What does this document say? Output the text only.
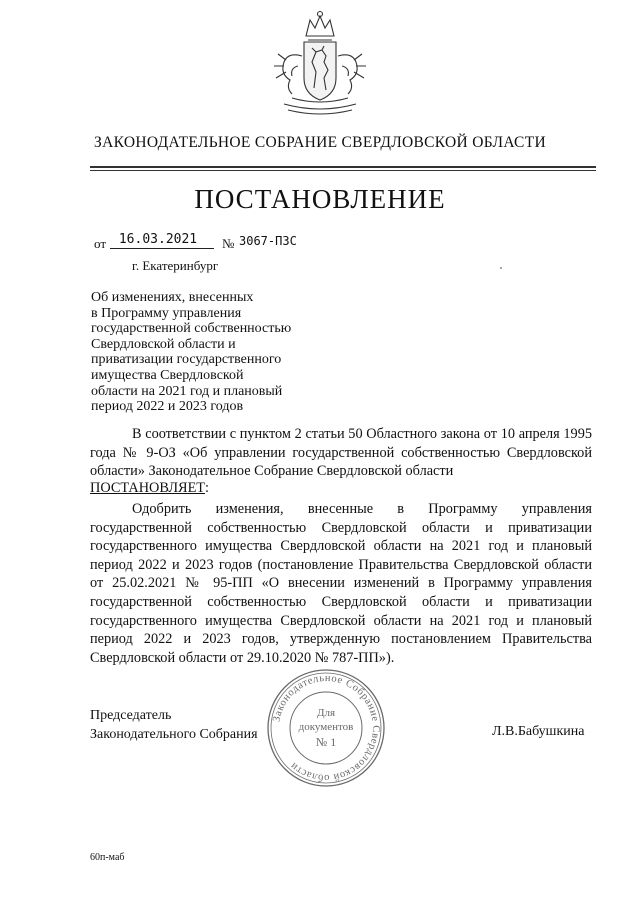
ЗАКОНОДАТЕЛЬНОЕ СОБРАНИЕ СВЕРДЛОВСКОЙ ОБЛАСТИ
ПОСТАНОВЛЕНИЕ
от 16.03.2021	№ 3067-ПЗС
г. Екатеринбург
Об изменениях, внесенных
в Программу управления
государственной собственностью
Свердловской области и
приватизации государственного
имущества Свердловской
области на 2021 год и плановый
период 2022 и 2023 годов
В соответствии с пунктом 2 статьи 50 Областного закона от 10 апреля 1995 года № 9-ОЗ «Об управлении государственной собственностью Свердловской области» Законодательное Собрание Свердловской области
ПОСТАНОВЛЯЕТ:
Одобрить изменения, внесенные в Программу управления государственной собственностью Свердловской области и приватизации государственного имущества Свердловской области на 2021 год и плановый период 2022 и 2023 годов (постановление Правительства Свердловской области от 25.02.2021 № 95-ПП «О внесении изменений в Программу управления государственной собственностью Свердловской области и приватизации государственного имущества Свердловской области на 2021 год и плановый период 2022 и 2023 годов, утвержденную постановлением Правительства Свердловской области от 29.10.2020 № 787-ПП»).
Председатель
Законодательного Собрания	Л.В.Бабушкина
Законодательное Собрание Свердловской области
Для
документов
№ 1
60п-маб
